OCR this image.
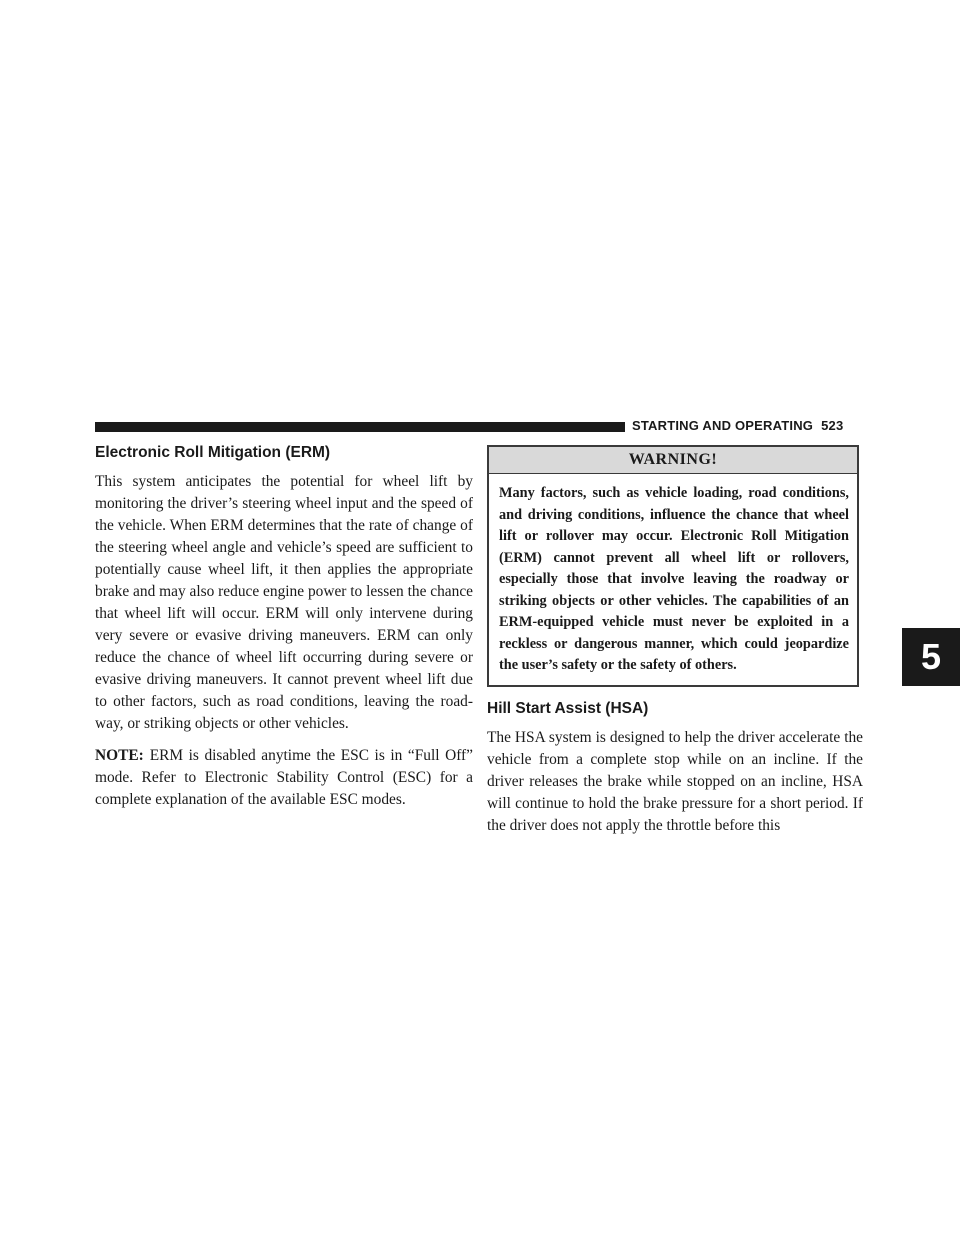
STARTING AND OPERATING 523
5
Electronic Roll Mitigation (ERM)

This system anticipates the potential for wheel lift by monitoring the driver’s steering wheel input and the speed of the vehicle. When ERM determines that the rate of change of the steering wheel angle and vehicle’s speed are sufficient to potentially cause wheel lift, it then applies the appropriate brake and may also reduce engine power to lessen the chance that wheel lift will occur. ERM will only intervene during very severe or evasive driving maneuvers. ERM can only reduce the chance of wheel lift occurring during severe or evasive driving maneuvers. It cannot prevent wheel lift due to other factors, such as road conditions, leaving the roadway, or striking objects or other vehicles.

NOTE: ERM is disabled anytime the ESC is in “Full Off” mode. Refer to Electronic Stability Control (ESC) for a complete explanation of the available ESC modes.

WARNING!
Many factors, such as vehicle loading, road conditions, and driving conditions, influence the chance that wheel lift or rollover may occur. Electronic Roll Mitigation (ERM) cannot prevent all wheel lift or rollovers, especially those that involve leaving the roadway or striking objects or other vehicles. The capabilities of an ERM-equipped vehicle must never be exploited in a reckless or dangerous manner, which could jeopardize the user’s safety or the safety of others.
Hill Start Assist (HSA)

The HSA system is designed to help the driver accelerate the vehicle from a complete stop while on an incline. If the driver releases the brake while stopped on an incline, HSA will continue to hold the brake pressure for a short period. If the driver does not apply the throttle before this
